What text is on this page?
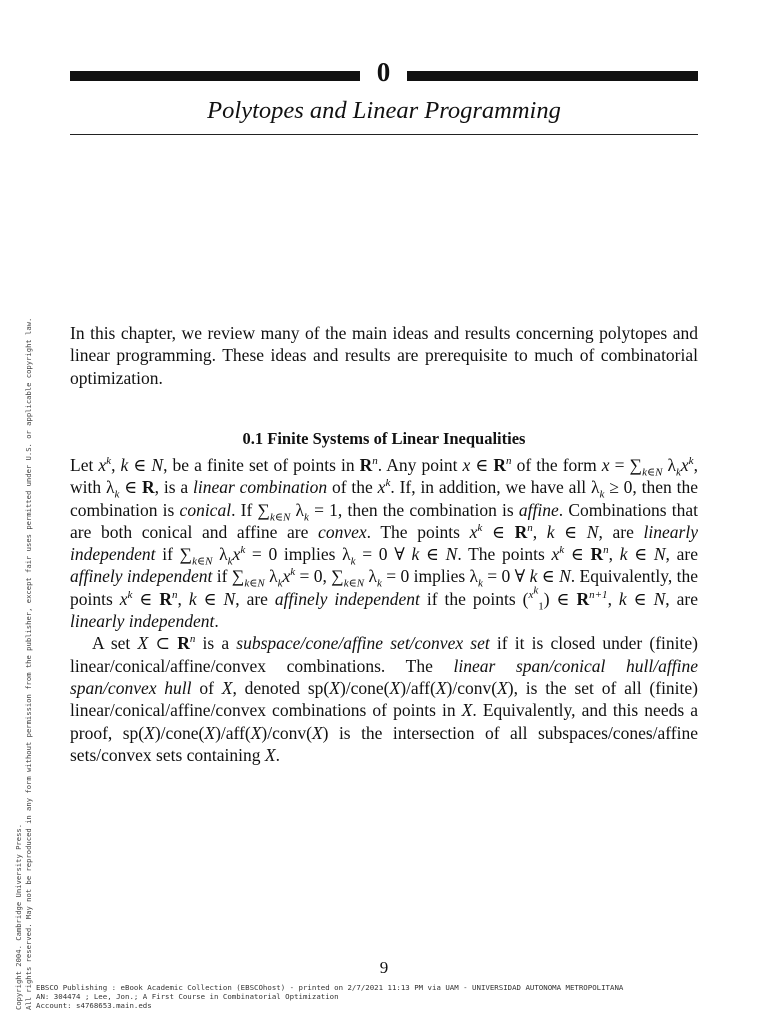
0
Polytopes and Linear Programming
Copyright 2004. Cambridge University Press. All rights reserved. May not be reproduced in any form without permission from the publisher, except fair uses permitted under U.S. or applicable copyright law. In this chapter, we review many of the main ideas and results concerning polytopes and linear programming. These ideas and results are prerequisite to much of combinatorial optimization.
0.1 Finite Systems of Linear Inequalities

Let $x^k$, k ∈ N, be a finite set of points in $R^n$. Any point x ∈ $R^n$ of the form $x = \sum_{k\in N}$ $\lambda_kx^k$, with $\lambda_k$ ∈ R, is a linear combination of the $x^k$. If, in addition, we have all $\lambda_k \ge 0$, then the combination is conical. If $\sum_{k\in N}$ $\lambda_k = 1$, then the combination is affine. Combinations that are both conical and affine are convex. The points $x^k$ ∈ $R^n$, k ∈ N, are linearly independent if $\sum_{k\in N}$ $\lambda_kx^k = 0$ implies $\lambda_k = 0$ ∀ k ∈ N. The points $x^k$ ∈ $R^n$, k ∈ N, are affinely independent if $\sum_{k\in N}$ $\lambda_kx^k = 0$, $\sum_{k\in N}$ $\lambda_k = 0$ implies $\lambda_k = 0$ ∀ k ∈ N. Equivalently, the points $x^k$ ∈ $R^n$, k ∈ N, are affinely independent if the points ($^{x^k}_1$) ∈ $R^{n+1}$, k ∈ N, are linearly independent.

A set X ⊂ $R^n$ is a subspace/cone/affine set/convex set if it is closed under (finite) linear/conical/affine/convex combinations. The linear span/conical hull/affine span/convex hull of X, denoted sp(X)/cone(X)/aff(X)/conv(X), is the set of all (finite) linear/conical/affine/convex combinations of points in X. Equivalently, and this needs a proof, sp(X)/cone(X)/aff(X)/conv(X) is the intersection of all subspaces/cones/affine sets/convex sets containing X.

9
EBSCO Publishing : eBook Academic Collection (EBSCOhost) - printed on 2/7/2021 11:13 PM via UAM - UNIVERSIDAD AUTONOMA METROPOLITANA
AN: 304474 ; Lee, Jon.; A First Course in Combinatorial Optimization
Account: s4768653.main.eds
